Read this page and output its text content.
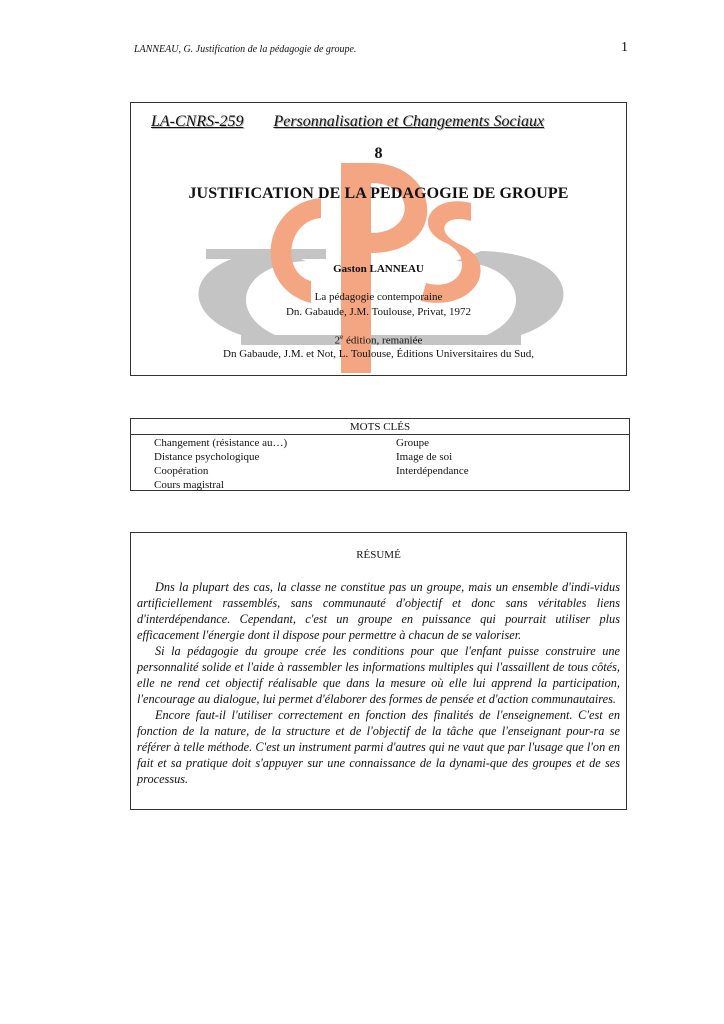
LANNEAU, G. Justification de la pédagogie de groupe.	1
LA-CNRS-259 Personnalisation et Changements Sociaux
8
JUSTIFICATION DE LA PEDAGOGIE DE GROUPE
Gaston LANNEAU
La pédagogie contemporaine
Dn. Gabaude, J.M. Toulouse, Privat, 1972
2e édition, remaniée
Dn Gabaude, J.M. et Not, L. Toulouse, Éditions Universitaires du Sud,
MOTS CLÉS
Changement (résistance au…)
Distance psychologique
Coopération
Cours magistral
Groupe
Image de soi
Interdépendance
RÉSUMÉ

Dns la plupart des cas, la classe ne constitue pas un groupe, mais un ensemble d'indi-vidus artificiellement rassemblés, sans communauté d'objectif et donc sans véritables liens d'interdépendance. Cependant, c'est un groupe en puissance qui pourrait utiliser plus efficacement l'énergie dont il dispose pour permettre à chacun de se valoriser.

Si la pédagogie du groupe crée les conditions pour que l'enfant puisse construire une personnalité solide et l'aide à rassembler les informations multiples qui l'assaillent de tous côtés, elle ne rend cet objectif réalisable que dans la mesure où elle lui apprend la participation, l'encourage au dialogue, lui permet d'élaborer des formes de pensée et d'action communautaires.

Encore faut-il l'utiliser correctement en fonction des finalités de l'enseignement. C'est en fonction de la nature, de la structure et de l'objectif de la tâche que l'enseignant pour-ra se référer à telle méthode. C'est un instrument parmi d'autres qui ne vaut que par l'usage que l'on en fait et sa pratique doit s'appuyer sur une connaissance de la dynami-que des groupes et de ses processus.
